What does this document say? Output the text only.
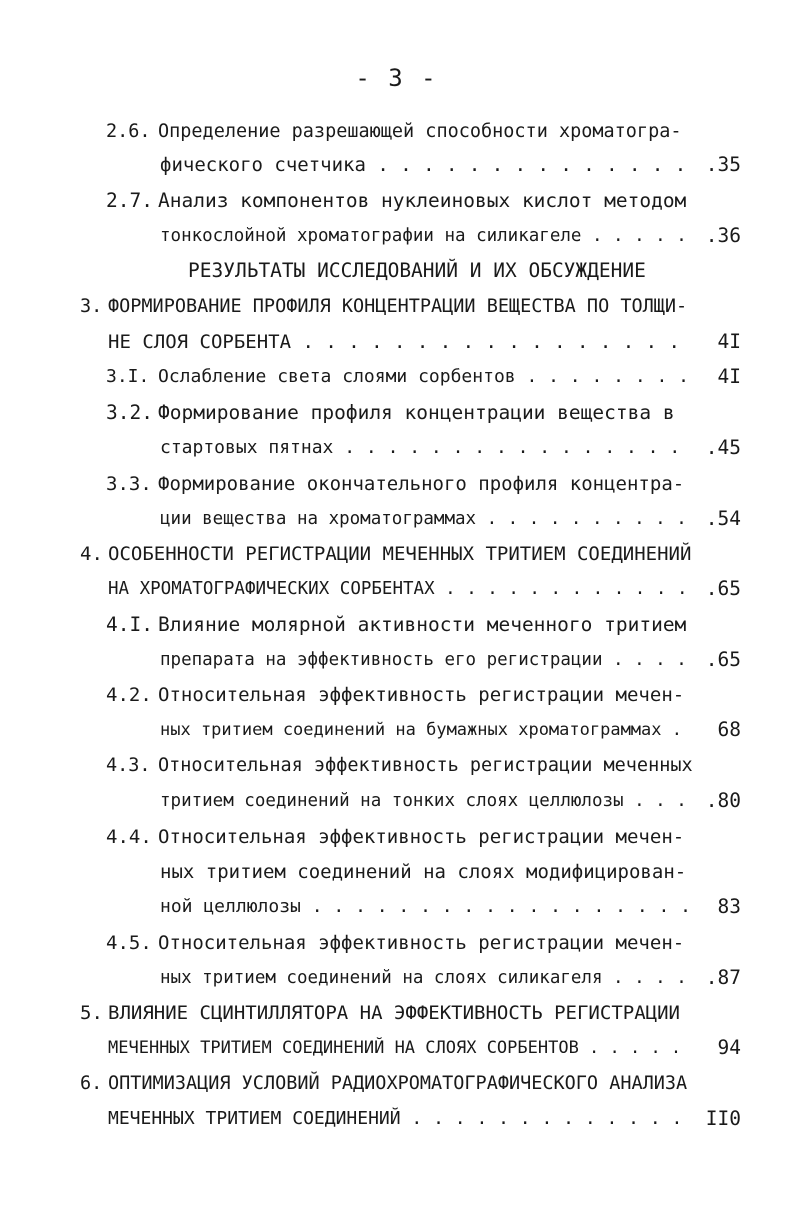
- 3 -
2.6. Определение разрешающей способности хроматогра-
фического счетчика . . . . . . . . . . . . . . .35
2.7. Анализ компонентов нуклеиновых кислот методом
тонкослойной хроматографии на силикагеле . . . . . .36
РЕЗУЛЬТАТЫ ИССЛЕДОВАНИЙ И ИХ ОБСУЖДЕНИЕ
3. ФОРМИРОВАНИЕ ПРОФИЛЯ КОНЦЕНТРАЦИИ ВЕЩЕСТВА ПО ТОЛЩИ-
НЕ СЛОЯ СОРБЕНТА . . . . . . . . . . . . . . . . . 4I
3.I. Ослабление света слоями сорбентов . . . . . . . . 4I
3.2. Формирование профиля концентрации вещества в
стартовых пятнах . . . . . . . . . . . . . . . . .45
3.3. Формирование окончательного профиля концентра-
ции вещества на хроматограммах . . . . . . . . . . .54
4. ОСОБЕННОСТИ РЕГИСТРАЦИИ МЕЧЕННЫХ ТРИТИЕМ СОЕДИНЕНИЙ
НА ХРОМАТОГРАФИЧЕСКИХ СОРБЕНТАХ . . . . . . . . . . . . .65
4.I. Влияние молярной активности меченного тритием
препарата на эффективность его регистрации . . . . .65
4.2. Относительная эффективность регистрации мечен-
ных тритием соединений на бумажных хроматограммах . 68
4.3. Относительная эффективность регистрации меченных
тритием соединений на тонких слоях целлюлозы . . . .80
4.4. Относительная эффективность регистрации мечен-
ных тритием соединений на слоях модифицирован-
ной целлюлозы . . . . . . . . . . . . . . . . . . 83
4.5. Относительная эффективность регистрации мечен-
ных тритием соединений на слоях силикагеля . . . . .87
5. ВЛИЯНИЕ СЦИНТИЛЛЯТОРА НА ЭФФЕКТИВНОСТЬ РЕГИСТРАЦИИ
МЕЧЕННЫХ ТРИТИЕМ СОЕДИНЕНИЙ НА СЛОЯХ СОРБЕНТОВ . . . . . 94
6. ОПТИМИЗАЦИЯ УСЛОВИЙ РАДИОХРОМАТОГРАФИЧЕСКОГО АНАЛИЗА
МЕЧЕННЫХ ТРИТИЕМ СОЕДИНЕНИЙ . . . . . . . . . . . . . II0
